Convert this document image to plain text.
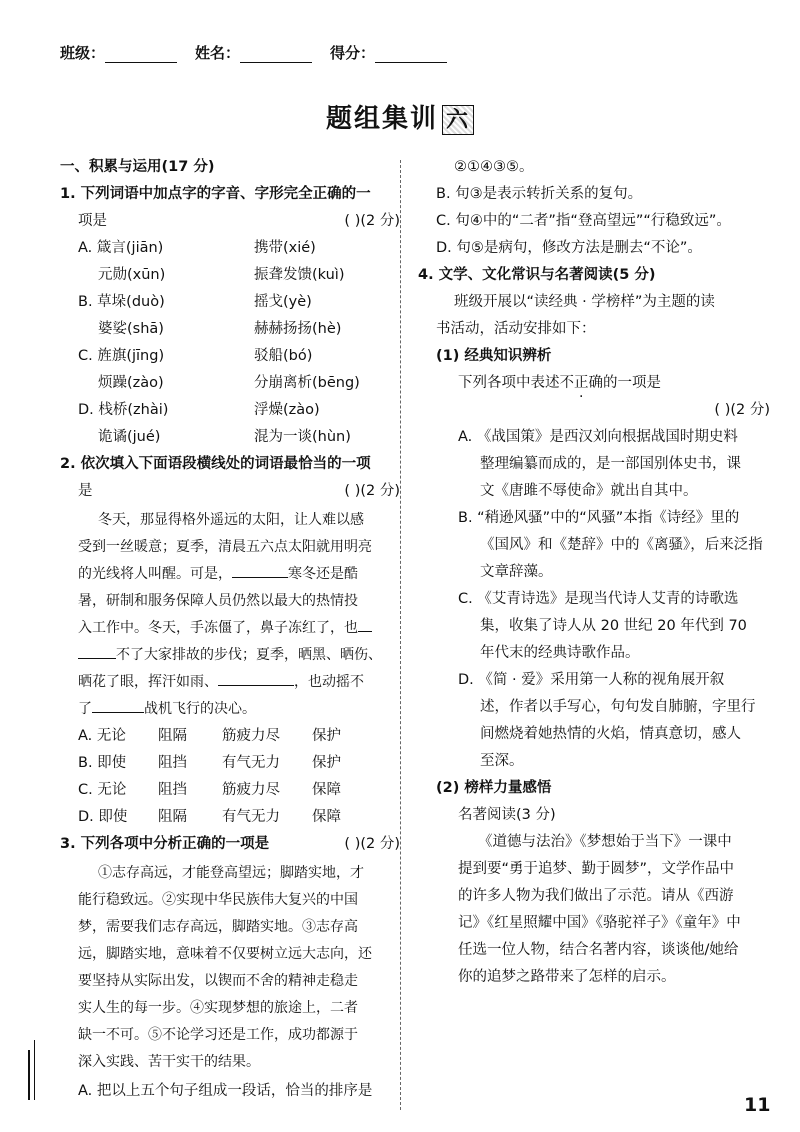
班级：	姓名：	得分：
题组集训 六
一、积累与运用(17 分)
1. 下列词语中加点字的字音、字形完全正确的一
项是	( )(2 分)
A. 箴言(jiān)	携带(xié)
元勋(xūn)	振聋发馈(kuì)
B. 草垛(duò)	摇戈(yè)
婆娑(shā)	赫赫扬扬(hè)
C. 旌旗(jīng)	驳船(bó)
烦躁(zào)	分崩离析(bēng)
D. 栈桥(zhài)	浮燥(zào)
诡谲(jué)	混为一谈(hùn)
2. 依次填入下面语段横线处的词语最恰当的一项
是	( )(2 分)
冬天，那显得格外遥远的太阳，让人难以感
受到一丝暖意；夏季，清晨五六点太阳就用明亮
的光线将人叫醒。可是，	寒冬还是酷
暑，研制和服务保障人员仍然以最大的热情投
入工作中。冬天，手冻僵了，鼻子冻红了，也
不了大家排故的步伐；夏季，晒黑、晒伤、
晒花了眼，挥汗如雨、	，也动摇不
了	战机飞行的决心。
A. 无论 阻隔 筋疲力尽 保护
B. 即使 阻挡 有气无力 保护
C. 无论 阻挡 筋疲力尽 保障
D. 即使 阻隔 有气无力 保障
3. 下列各项中分析正确的一项是	( )(2 分)
①志存高远，才能登高望远；脚踏实地，才
能行稳致远。②实现中华民族伟大复兴的中国
梦，需要我们志存高远，脚踏实地。③志存高
远，脚踏实地，意味着不仅要树立远大志向，还
要坚持从实际出发，以锲而不舍的精神走稳走
实人生的每一步。④实现梦想的旅途上，二者
缺一不可。⑤不论学习还是工作，成功都源于
深入实践、苦干实干的结果。
A. 把以上五个句子组成一段话，恰当的排序是
②①④③⑤。
B. 句③是表示转折关系的复句。
C. 句④中的“二者”指“登高望远”“行稳致远”。
D. 句⑤是病句，修改方法是删去“不论”。
4. 文学、文化常识与名著阅读(5 分)
班级开展以“读经典 · 学榜样”为主题的读
书活动，活动安排如下：
(1) 经典知识辨析
下列各项中表述不正确的一项是
( )(2 分)
A. 《战国策》是西汉刘向根据战国时期史料
整理编纂而成的，是一部国别体史书，课
文《唐雎不辱使命》就出自其中。
B. “稍逊风骚”中的“风骚”本指《诗经》里的
《国风》和《楚辞》中的《离骚》，后来泛指
文章辞藻。
C. 《艾青诗选》是现当代诗人艾青的诗歌选
集，收集了诗人从 20 世纪 20 年代到 70
年代末的经典诗歌作品。
D. 《简 · 爱》采用第一人称的视角展开叙
述，作者以手写心，句句发自肺腑，字里行
间燃烧着她热情的火焰，情真意切，感人
至深。
(2) 榜样力量感悟
名著阅读(3 分)
《道德与法治》《梦想始于当下》一课中
提到要“勇于追梦、勤于圆梦”，文学作品中
的许多人物为我们做出了示范。请从《西游
记》《红星照耀中国》《骆驼祥子》《童年》中
任选一位人物，结合名著内容，谈谈他/她给
你的追梦之路带来了怎样的启示。
11
